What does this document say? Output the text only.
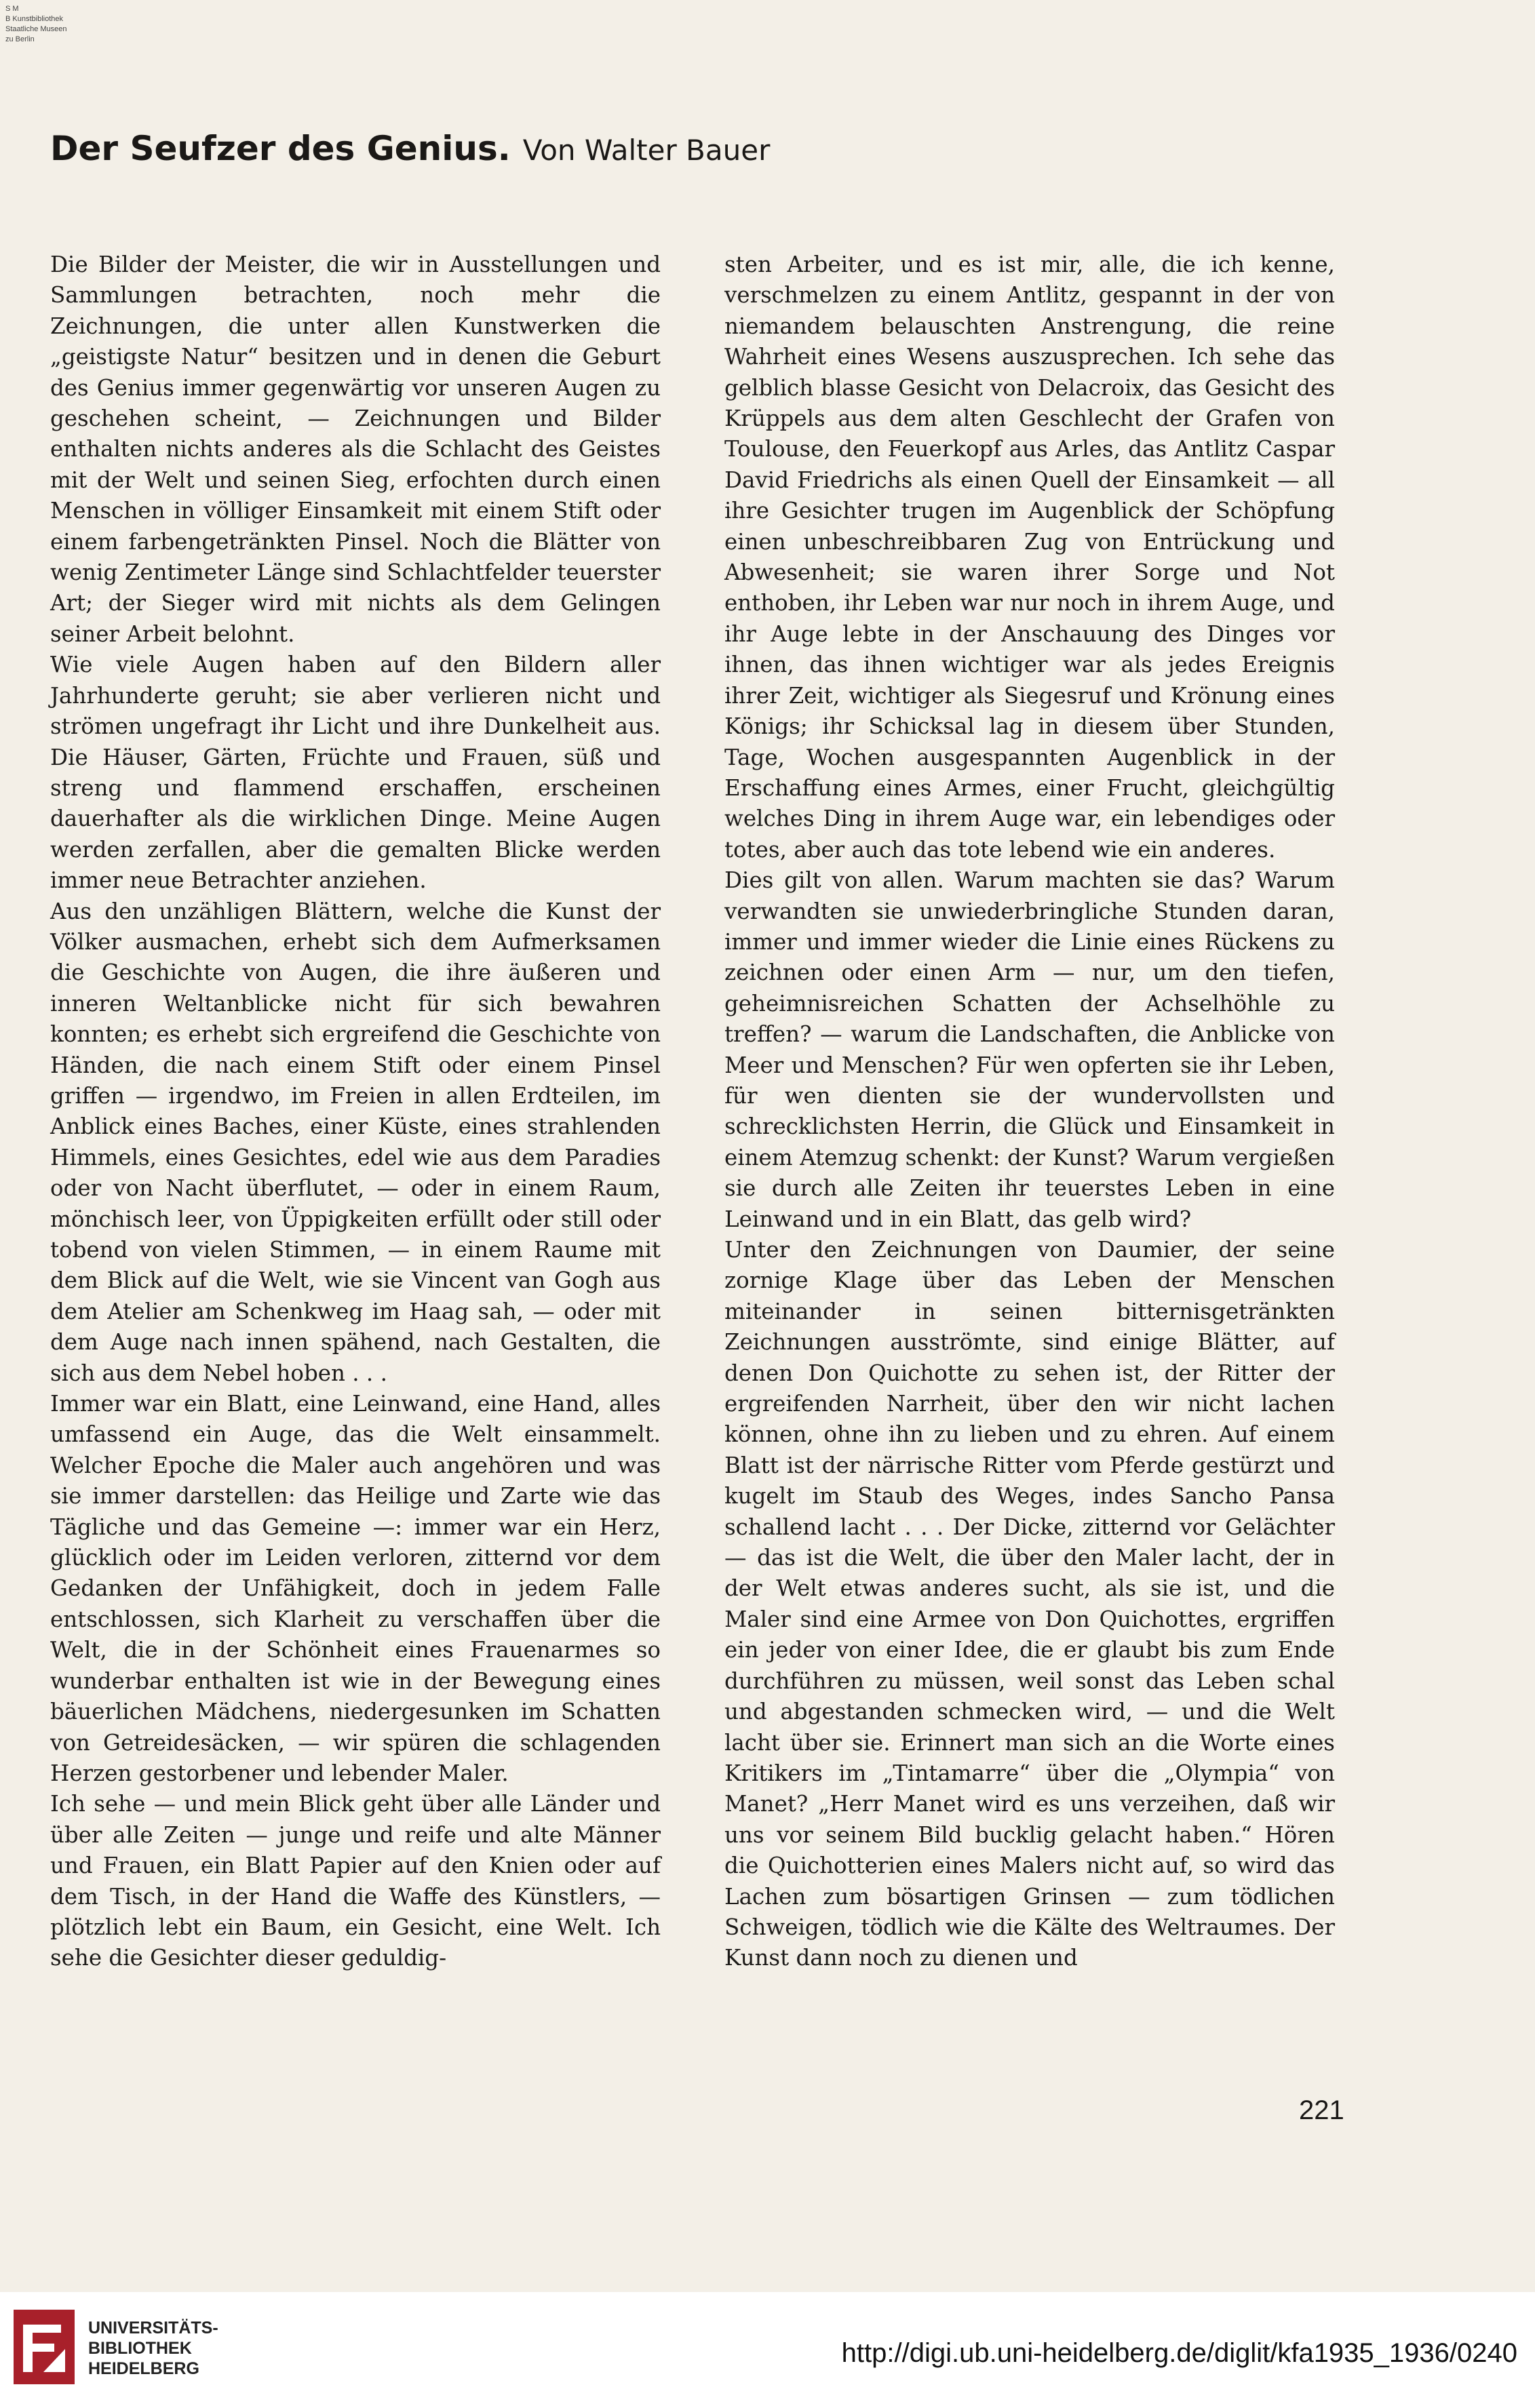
S M
B Kunstbibliothek
Staatliche Museen
zu Berlin
Der Seufzer des Genius. Von Walter Bauer

Die Bilder der Meister, die wir in Ausstellungen und Sammlungen betrachten, noch mehr die Zeichnungen, die unter allen Kunstwerken die „geistigste Natur“ besitzen und in denen die Geburt des Genius immer gegenwärtig vor unseren Augen zu geschehen scheint, — Zeichnungen und Bilder enthalten nichts anderes als die Schlacht des Geistes mit der Welt und seinen Sieg, erfochten durch einen Menschen in völliger Einsamkeit mit einem Stift oder einem farbengetränkten Pinsel. Noch die Blätter von wenig Zentimeter Länge sind Schlachtfelder teuerster Art; der Sieger wird mit nichts als dem Gelingen seiner Arbeit belohnt.

Wie viele Augen haben auf den Bildern aller Jahrhunderte geruht; sie aber verlieren nicht und strömen ungefragt ihr Licht und ihre Dunkelheit aus. Die Häuser, Gärten, Früchte und Frauen, süß und streng und flammend erschaffen, erscheinen dauerhafter als die wirklichen Dinge. Meine Augen werden zerfallen, aber die gemalten Blicke werden immer neue Betrachter anziehen.

Aus den unzähligen Blättern, welche die Kunst der Völker ausmachen, erhebt sich dem Aufmerksamen die Geschichte von Augen, die ihre äußeren und inneren Weltanblicke nicht für sich bewahren konnten; es erhebt sich ergreifend die Geschichte von Händen, die nach einem Stift oder einem Pinsel griffen — irgendwo, im Freien in allen Erdteilen, im Anblick eines Baches, einer Küste, eines strahlenden Himmels, eines Gesichtes, edel wie aus dem Paradies oder von Nacht überflutet, — oder in einem Raum, mönchisch leer, von Üppigkeiten erfüllt oder still oder tobend von vielen Stimmen, — in einem Raume mit dem Blick auf die Welt, wie sie Vincent van Gogh aus dem Atelier am Schenkweg im Haag sah, — oder mit dem Auge nach innen spähend, nach Gestalten, die sich aus dem Nebel hoben . . .

Immer war ein Blatt, eine Leinwand, eine Hand, alles umfassend ein Auge, das die Welt einsammelt. Welcher Epoche die Maler auch angehören und was sie immer darstellen: das Heilige und Zarte wie das Tägliche und das Gemeine —: immer war ein Herz, glücklich oder im Leiden verloren, zitternd vor dem Gedanken der Unfähigkeit, doch in jedem Falle entschlossen, sich Klarheit zu verschaffen über die Welt, die in der Schönheit eines Frauenarmes so wunderbar enthalten ist wie in der Bewegung eines bäuerlichen Mädchens, niedergesunken im Schatten von Getreidesäcken, — wir spüren die schlagenden Herzen gestorbener und lebender Maler.

Ich sehe — und mein Blick geht über alle Länder und über alle Zeiten — junge und reife und alte Männer und Frauen, ein Blatt Papier auf den Knien oder auf dem Tisch, in der Hand die Waffe des Künstlers, — plötzlich lebt ein Baum, ein Gesicht, eine Welt. Ich sehe die Gesichter dieser geduldig-

sten Arbeiter, und es ist mir, alle, die ich kenne, verschmelzen zu einem Antlitz, gespannt in der von niemandem belauschten Anstrengung, die reine Wahrheit eines Wesens auszusprechen. Ich sehe das gelblich blasse Gesicht von Delacroix, das Gesicht des Krüppels aus dem alten Geschlecht der Grafen von Toulouse, den Feuerkopf aus Arles, das Antlitz Caspar David Friedrichs als einen Quell der Einsamkeit — all ihre Gesichter trugen im Augenblick der Schöpfung einen unbeschreibbaren Zug von Entrückung und Abwesenheit; sie waren ihrer Sorge und Not enthoben, ihr Leben war nur noch in ihrem Auge, und ihr Auge lebte in der Anschauung des Dinges vor ihnen, das ihnen wichtiger war als jedes Ereignis ihrer Zeit, wichtiger als Siegesruf und Krönung eines Königs; ihr Schicksal lag in diesem über Stunden, Tage, Wochen ausgespannten Augenblick in der Erschaffung eines Armes, einer Frucht, gleichgültig welches Ding in ihrem Auge war, ein lebendiges oder totes, aber auch das tote lebend wie ein anderes.

Dies gilt von allen. Warum machten sie das? Warum verwandten sie unwiederbringliche Stunden daran, immer und immer wieder die Linie eines Rückens zu zeichnen oder einen Arm — nur, um den tiefen, geheimnisreichen Schatten der Achselhöhle zu treffen? — warum die Landschaften, die Anblicke von Meer und Menschen? Für wen opferten sie ihr Leben, für wen dienten sie der wundervollsten und schrecklichsten Herrin, die Glück und Einsamkeit in einem Atemzug schenkt: der Kunst? Warum vergießen sie durch alle Zeiten ihr teuerstes Leben in eine Leinwand und in ein Blatt, das gelb wird?

Unter den Zeichnungen von Daumier, der seine zornige Klage über das Leben der Menschen miteinander in seinen bitternisgetränkten Zeichnungen ausströmte, sind einige Blätter, auf denen Don Quichotte zu sehen ist, der Ritter der ergreifenden Narrheit, über den wir nicht lachen können, ohne ihn zu lieben und zu ehren. Auf einem Blatt ist der närrische Ritter vom Pferde gestürzt und kugelt im Staub des Weges, indes Sancho Pansa schallend lacht . . . Der Dicke, zitternd vor Gelächter — das ist die Welt, die über den Maler lacht, der in der Welt etwas anderes sucht, als sie ist, und die Maler sind eine Armee von Don Quichottes, ergriffen ein jeder von einer Idee, die er glaubt bis zum Ende durchführen zu müssen, weil sonst das Leben schal und abgestanden schmecken wird, — und die Welt lacht über sie. Erinnert man sich an die Worte eines Kritikers im „Tintamarre“ über die „Olympia“ von Manet? „Herr Manet wird es uns verzeihen, daß wir uns vor seinem Bild bucklig gelacht haben.“ Hören die Quichotterien eines Malers nicht auf, so wird das Lachen zum bösartigen Grinsen — zum tödlichen Schweigen, tödlich wie die Kälte des Weltraumes. Der Kunst dann noch zu dienen und

221
UNIVERSITÄTS-
BIBLIOTHEK
HEIDELBERG
http://digi.ub.uni-heidelberg.de/diglit/kfa1935_1936/0240
